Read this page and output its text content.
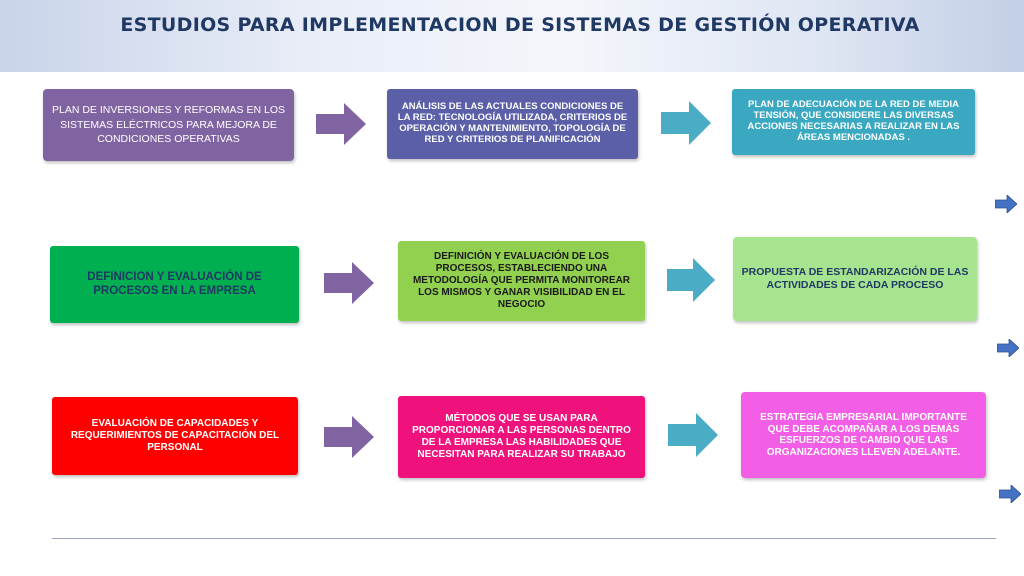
ESTUDIOS PARA IMPLEMENTACION DE SISTEMAS DE GESTIÓN OPERATIVA
PLAN DE INVERSIONES Y REFORMAS EN LOS SISTEMAS ELÉCTRICOS PARA MEJORA DE CONDICIONES OPERATIVAS
ANÁLISIS DE LAS ACTUALES CONDICIONES DE LA RED: TECNOLOGÍA UTILIZADA, CRITERIOS DE OPERACIÓN Y MANTENIMIENTO, TOPOLOGÍA DE RED Y CRITERIOS DE PLANIFICACIÓN
PLAN DE ADECUACIÓN DE LA RED DE MEDIA TENSIÓN, QUE CONSIDERE LAS DIVERSAS ACCIONES NECESARIAS A REALIZAR EN LAS ÁREAS MENCIONADAS .
DEFINICION Y EVALUACIÓN DE PROCESOS EN LA EMPRESA
DEFINICIÓN Y EVALUACIÓN DE LOS PROCESOS, ESTABLECIENDO UNA METODOLOGÍA QUE PERMITA MONITOREAR LOS MISMOS Y GANAR VISIBILIDAD EN EL NEGOCIO
PROPUESTA DE ESTANDARIZACIÓN DE LAS ACTIVIDADES DE CADA PROCESO
EVALUACIÓN DE CAPACIDADES Y REQUERIMIENTOS DE CAPACITACIÓN DEL PERSONAL
MÉTODOS QUE SE USAN PARA PROPORCIONAR A LAS PERSONAS DENTRO DE LA EMPRESA LAS HABILIDADES QUE NECESITAN PARA REALIZAR SU TRABAJO
ESTRATEGIA EMPRESARIAL IMPORTANTE QUE DEBE ACOMPAÑAR A LOS DEMÁS ESFUERZOS DE CAMBIO QUE LAS ORGANIZACIONES LLEVEN ADELANTE.
